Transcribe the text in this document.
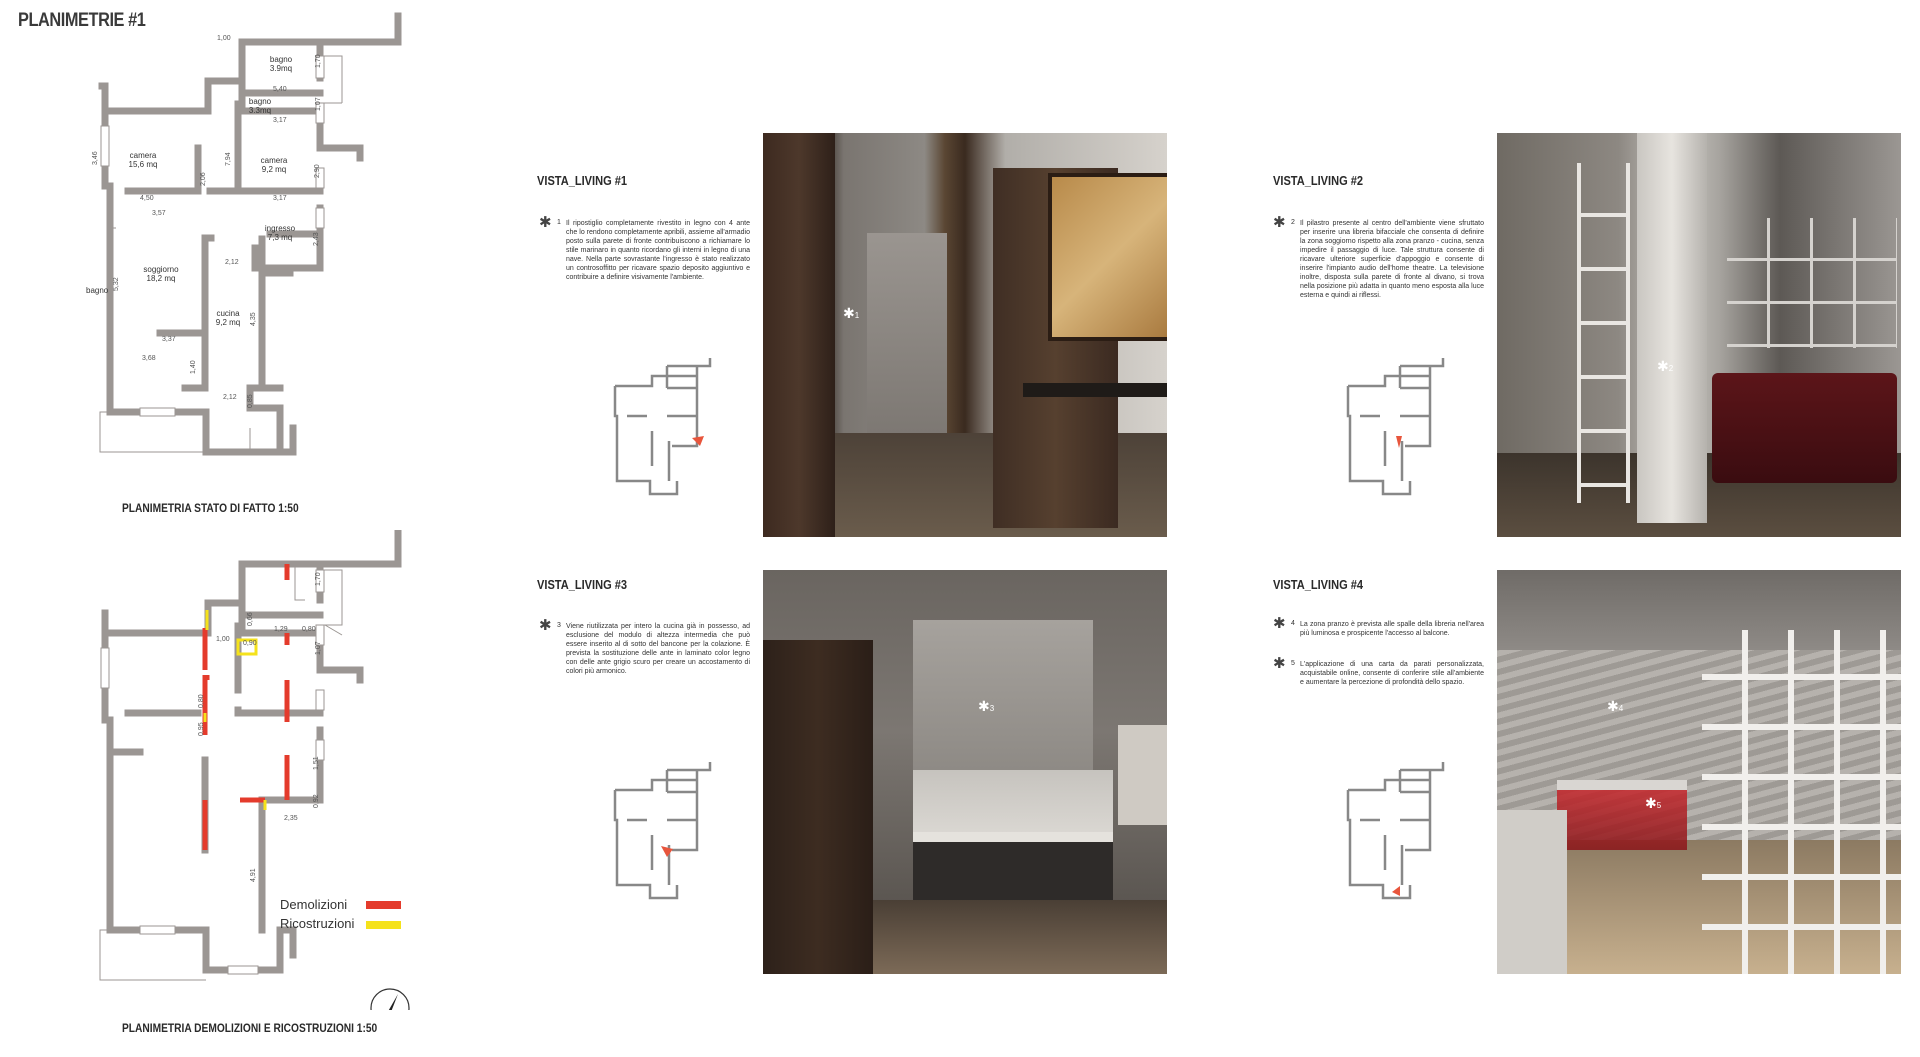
PLANIMETRIE #1
bagno
3.9mq
bagno
3.3mq
camera
15,6 mq	camera
9,2 mq
ingresso
7,3 mq
soggiorno
18,2 mq
cucina
9,2 mq
1,00
1,70
5,40
1,07
3,17
3,46	7,94
2,06
2,90
4,50
3,57
3,17
2,43
5,32
2,12
4,35
3,37
3,68
1,40
2,12 0,85
bagno
PLANIMETRIA STATO DI FATTO 1:50
1,70
0,66
1,29 0,80
1,00
0,90	1,07
0,95
0,80
1,51
2,35
0,92
4,91
Demolizioni
Ricostruzioni
PLANIMETRIA DEMOLIZIONI E RICOSTRUZIONI 1:50
VISTA_LIVING #1
✱ 1 Il ripostiglio completamente rivestito in legno con 4 ante che lo rendono completamente apribili, assieme all'armadio posto sulla parete di fronte contribuiscono a richiamare lo stile marinaro in quanto ricordano gli interni in legno di una nave. Nella parte sovrastante l'ingresso è stato realizzato un controsoffitto per ricavare spazio deposito aggiuntivo e contribuire a definire visivamente l'ambiente.
✱1
VISTA_LIVING #2
✱ 2 Il pilastro presente al centro dell'ambiente viene sfruttato per inserire una libreria bifacciale che consenta di definire la zona soggiorno rispetto alla zona pranzo - cucina, senza impedire il passaggio di luce. Tale struttura consente di ricavare ulteriore superficie d'appoggio e consente di inserire l'impianto audio dell'home theatre. La televisione inoltre, disposta sulla parete di fronte al divano, si trova nella posizione più adatta in quanto meno esposta alla luce esterna e quindi ai riflessi.
✱2
VISTA_LIVING #3
✱ 3 Viene riutilizzata per intero la cucina già in possesso, ad esclusione del modulo di altezza intermedia che può essere inserito al di sotto del bancone per la colazione. È prevista la sostituzione delle ante in laminato color legno con delle ante grigio scuro per creare un accostamento di colori più armonico.
✱3
VISTA_LIVING #4
✱ 4 La zona pranzo è prevista alle spalle della libreria nell'area più luminosa e prospicente l'accesso al balcone.
✱ 5 L'applicazione di una carta da parati personalizzata, acquistabile online, consente di conferire stile all'ambiente e aumentare la percezione di profondità dello spazio.
✱4
✱5
